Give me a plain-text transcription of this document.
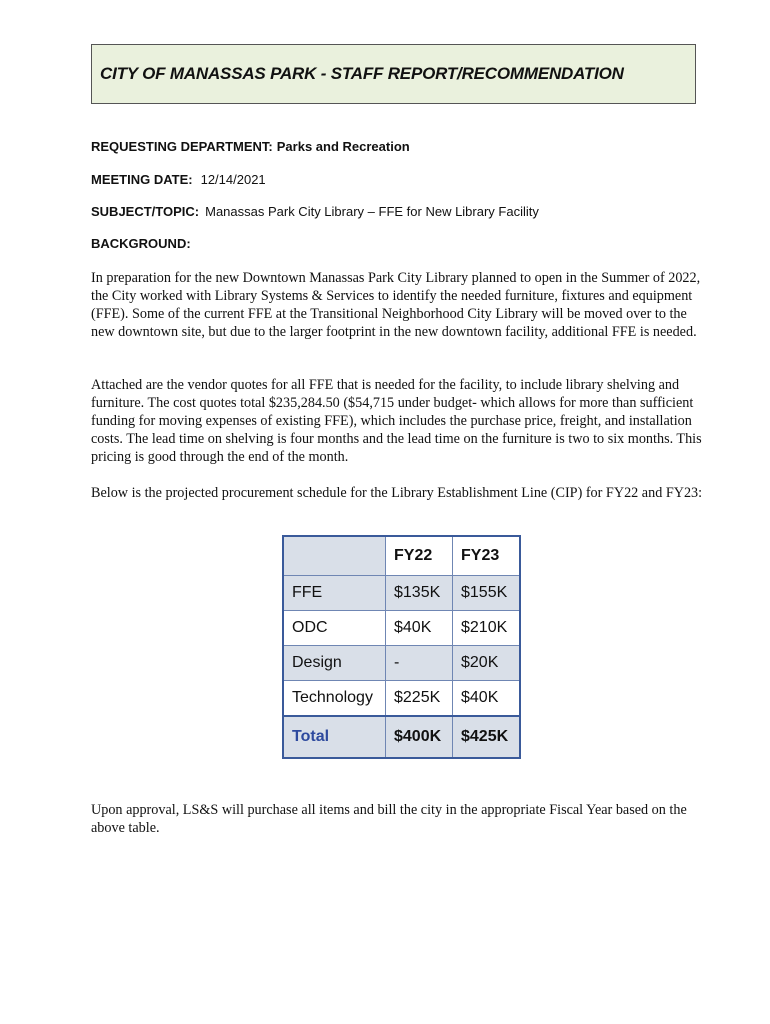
CITY OF MANASSAS PARK - STAFF REPORT/RECOMMENDATION
REQUESTING DEPARTMENT: Parks and Recreation
MEETING DATE: 12/14/2021
SUBJECT/TOPIC: Manassas Park City Library – FFE for New Library Facility
BACKGROUND:

In preparation for the new Downtown Manassas Park City Library planned to open in the Summer of 2022, the City worked with Library Systems & Services to identify the needed furniture, fixtures and equipment (FFE). Some of the current FFE at the Transitional Neighborhood City Library will be moved over to the new downtown site, but due to the larger footprint in the new downtown facility, additional FFE is needed.

Attached are the vendor quotes for all FFE that is needed for the facility, to include library shelving and furniture. The cost quotes total $235,284.50 ($54,715 under budget- which allows for more than sufficient funding for moving expenses of existing FFE), which includes the purchase price, freight, and installation costs. The lead time on shelving is four months and the lead time on the furniture is two to six months. This pricing is good through the end of the month.

Below is the projected procurement schedule for the Library Establishment Line (CIP) for FY22 and FY23:

	FY22	FY23
FFE	$135K	$155K
ODC	$40K	$210K
Design	-	$20K
Technology	$225K	$40K
Total	$400K	$425K

Upon approval, LS&S will purchase all items and bill the city in the appropriate Fiscal Year based on the above table.
